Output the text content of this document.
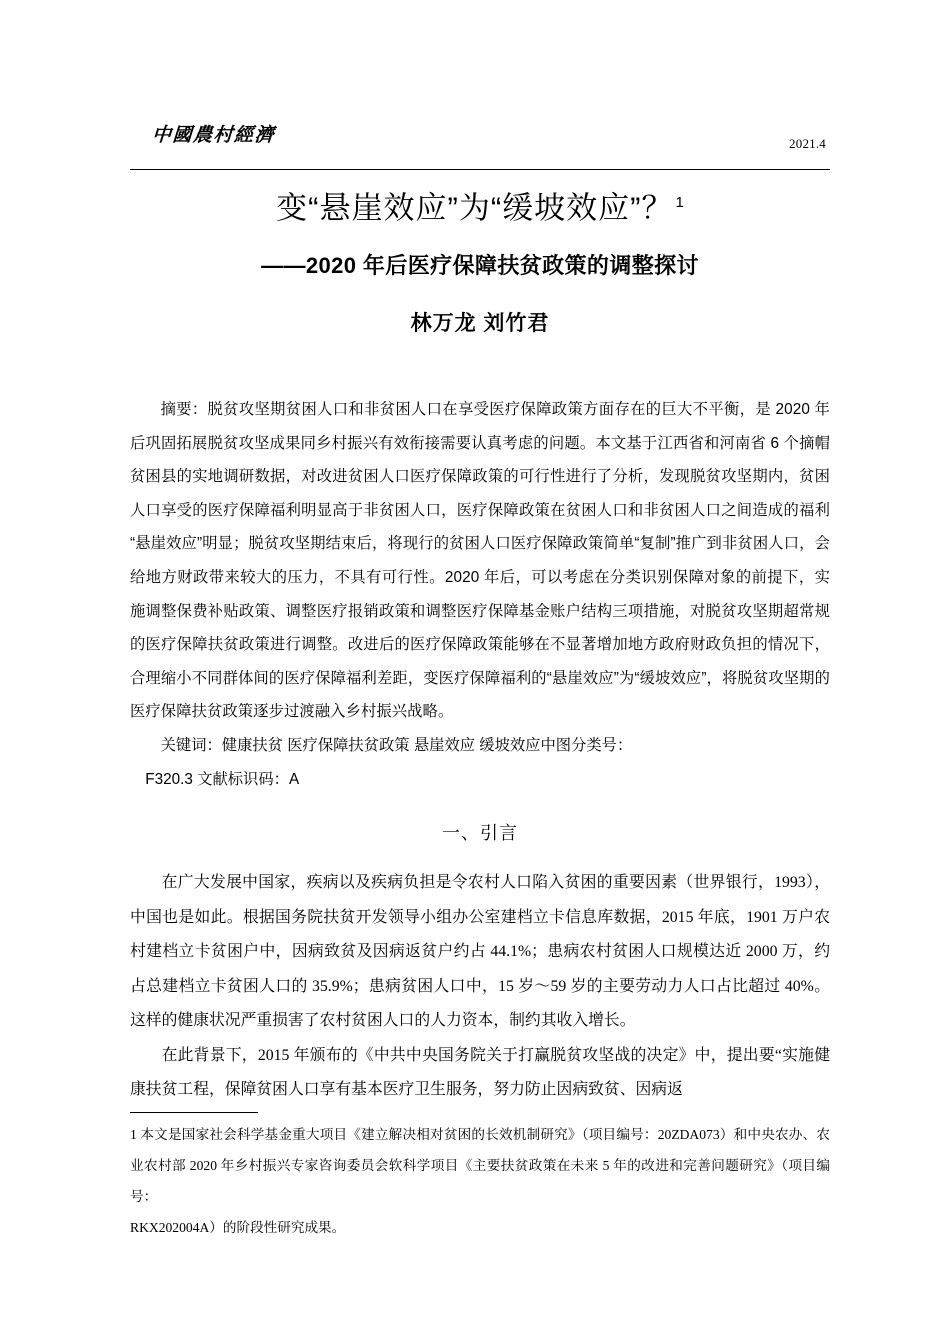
中國農村經濟	2021.4
变“悬崖效应”为“缓坡效应”？ $^1$
——2020 年后医疗保障扶贫政策的调整探讨
林万龙 刘竹君

摘要：脱贫攻坚期贫困人口和非贫困人口在享受医疗保障政策方面存在的巨大不平衡，是 2020 年后巩固拓展脱贫攻坚成果同乡村振兴有效衔接需要认真考虑的问题。本文基于江西省和河南省 6 个摘帽贫困县的实地调研数据，对改进贫困人口医疗保障政策的可行性进行了分析，发现脱贫攻坚期内，贫困人口享受的医疗保障福利明显高于非贫困人口，医疗保障政策在贫困人口和非贫困人口之间造成的福利“悬崖效应”明显；脱贫攻坚期结束后，将现行的贫困人口医疗保障政策简单“复制”推广到非贫困人口，会给地方财政带来较大的压力，不具有可行性。2020 年后，可以考虑在分类识别保障对象的前提下，实施调整保费补贴政策、调整医疗报销政策和调整医疗保障基金账户结构三项措施，对脱贫攻坚期超常规的医疗保障扶贫政策进行调整。改进后的医疗保障政策能够在不显著增加地方政府财政负担的情况下，合理缩小不同群体间的医疗保障福利差距，变医疗保障福利的“悬崖效应”为“缓坡效应”，将脱贫攻坚期的医疗保障扶贫政策逐步过渡融入乡村振兴战略。

关键词：健康扶贫 医疗保障扶贫政策 悬崖效应 缓坡效应中图分类号：
F320.3 文献标识码：A
一、引言

在广大发展中国家，疾病以及疾病负担是令农村人口陷入贫困的重要因素（世界银行，1993），中国也是如此。根据国务院扶贫开发领导小组办公室建档立卡信息库数据，2015 年底，1901 万户农村建档立卡贫困户中，因病致贫及因病返贫户约占 44.1%；患病农村贫困人口规模达近 2000 万，约占总建档立卡贫困人口的 35.9%；患病贫困人口中，15 岁～59 岁的主要劳动力人口占比超过 40%。这样的健康状况严重损害了农村贫困人口的人力资本，制约其收入增长。

在此背景下，2015 年颁布的《中共中央国务院关于打赢脱贫攻坚战的决定》中，提出要“实施健康扶贫工程，保障贫困人口享有基本医疗卫生服务，努力防止因病致贫、因病返

1 本文是国家社会科学基金重大项目《建立解决相对贫困的长效机制研究》（项目编号：20ZDA073）和中央农办、农业农村部 2020 年乡村振兴专家咨询委员会软科学项目《主要扶贫政策在未来 5 年的改进和完善问题研究》（项目编号：

RKX202004A）的阶段性研究成果。
